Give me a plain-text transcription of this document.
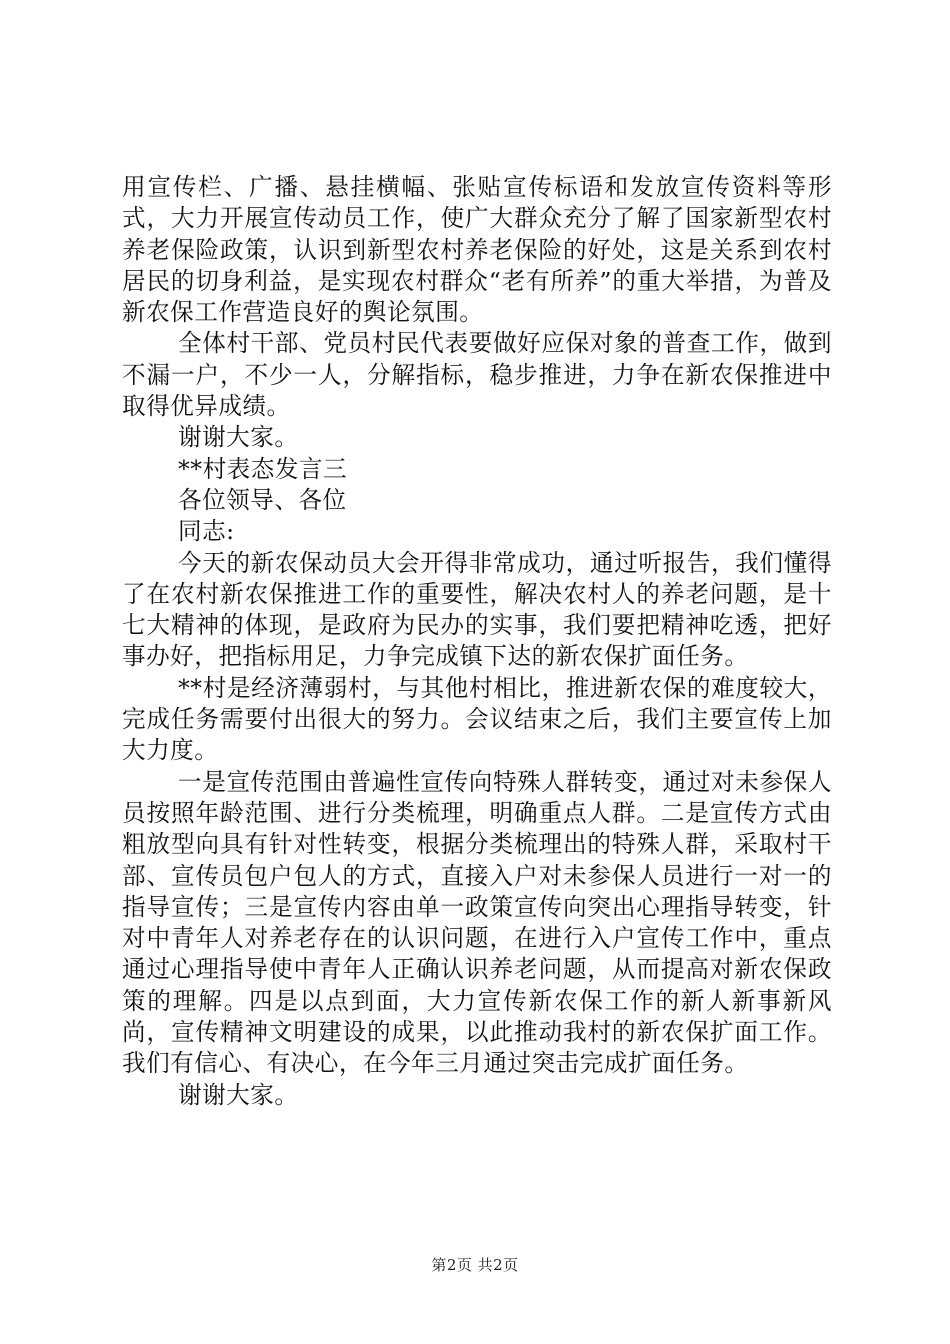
用宣传栏、广播、悬挂横幅、张贴宣传标语和发放宣传资料等形式，大力开展宣传动员工作，使广大群众充分了解了国家新型农村养老保险政策，认识到新型农村养老保险的好处，这是关系到农村居民的切身利益，是实现农村群众“老有所养”的重大举措，为普及新农保工作营造良好的舆论氛围。

全体村干部、党员村民代表要做好应保对象的普查工作，做到不漏一户，不少一人，分解指标，稳步推进，力争在新农保推进中取得优异成绩。

谢谢大家。

**村表态发言三

各位领导、各位

同志:

今天的新农保动员大会开得非常成功，通过听报告，我们懂得了在农村新农保推进工作的重要性，解决农村人的养老问题，是十七大精神的体现，是政府为民办的实事，我们要把精神吃透，把好事办好，把指标用足，力争完成镇下达的新农保扩面任务。

**村是经济薄弱村，与其他村相比，推进新农保的难度较大，完成任务需要付出很大的努力。会议结束之后，我们主要宣传上加大力度。

一是宣传范围由普遍性宣传向特殊人群转变，通过对未参保人员按照年龄范围、进行分类梳理，明确重点人群。二是宣传方式由粗放型向具有针对性转变，根据分类梳理出的特殊人群，采取村干部、宣传员包户包人的方式，直接入户对未参保人员进行一对一的指导宣传；三是宣传内容由单一政策宣传向突出心理指导转变，针对中青年人对养老存在的认识问题，在进行入户宣传工作中，重点通过心理指导使中青年人正确认识养老问题，从而提高对新农保政策的理解。四是以点到面，大力宣传新农保工作的新人新事新风尚，宣传精神文明建设的成果，以此推动我村的新农保扩面工作。我们有信心、有决心，在今年三月通过突击完成扩面任务。

谢谢大家。

第2页 共2页
